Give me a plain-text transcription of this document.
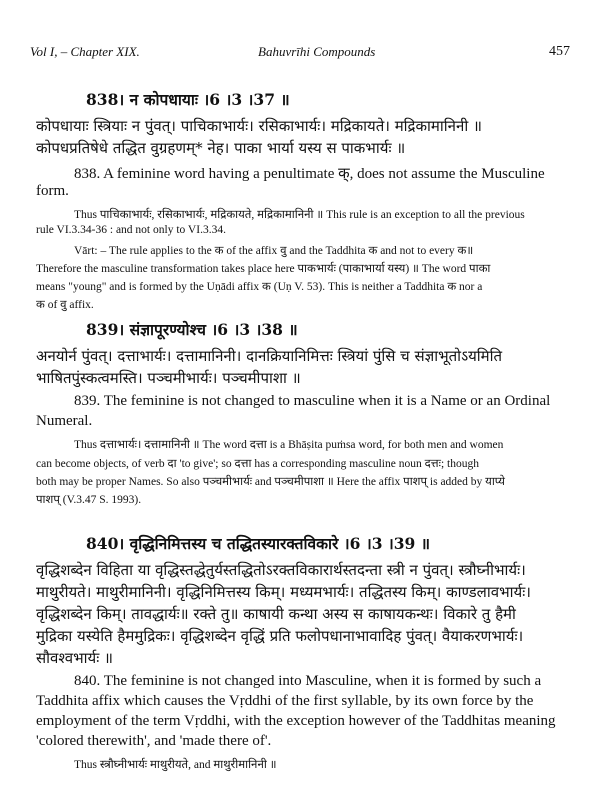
Vol I, – Chapter XIX.	Bahuvrīhi Compounds	457
838। न कोपधायाः ।6 ।3 ।37 ॥
कोपधायाः स्त्रियाः न पुंवत्। पाचिकाभार्यः। रसिकाभार्यः। मद्रिकायते। मद्रिकामानिनी ॥
कोपधप्रतिषेधे तद्धित वुग्रहणम्* नेह। पाका भार्या यस्य स पाकभार्यः ॥
838. A feminine word having a penultimate क्, does not assume the Musculine
form.
Thus पाचिकाभार्यः, रसिकाभार्यः, मद्रिकायते, मद्रिकामानिनी ॥ This rule is an exception to all the previous
rule VI.3.34-36 : and not only to VI.3.34.
Vārt: – The rule applies to the क of the affix वु and the Taddhita क and not to every क॥
Therefore the masculine transformation takes place here पाकभार्यः (पाकाभार्या यस्य) ॥ The word पाका
means "young" and is formed by the Uṇādi affix क (Uṇ V. 53). This is neither a Taddhita क nor a
क of वु affix.
839। संज्ञापूरण्योश्च ।6 ।3 ।38 ॥
अनयोर्न पुंवत्। दत्ताभार्यः। दत्तामानिनी। दानक्रियानिमित्तः स्त्रियां पुंसि च संज्ञाभूतोऽयमिति
भाषितपुंस्कत्वमस्ति। पञ्चमीभार्यः। पञ्चमीपाशा ॥
839. The feminine is not changed to masculine when it is a Name or an Ordinal
Numeral.
Thus दत्ताभार्यः। दत्तामानिनी ॥ The word दत्ता is a Bhāṣita puṁsa word, for both men and women
can become objects, of verb दा 'to give'; so दत्ता has a corresponding masculine noun दत्तः; though
both may be proper Names. So also पञ्चमीभार्यः and पञ्चमीपाशा ॥ Here the affix पाशप् is added by याप्ये
पाशप् (V.3.47 S. 1993).
840। वृद्धिनिमित्तस्य च तद्धितस्यारक्तविकारे ।6 ।3 ।39 ॥
वृद्धिशब्देन विहिता या वृद्धिस्तद्धेतुर्यस्तद्धितोऽरक्तविकारार्थस्तदन्ता स्त्री न पुंवत्। स्त्रौघ्नीभार्यः।
माथुरीयते। माथुरीमानिनी। वृद्धिनिमित्तस्य किम्। मध्यमभार्यः। तद्धितस्य किम्। काण्डलावभार्यः।
वृद्धिशब्देन किम्। तावद्धार्यः॥ रक्ते तु॥ काषायी कन्था अस्य स काषायकन्थः। विकारे तु हैमी
मुद्रिका यस्येति हैममुद्रिकः। वृद्धिशब्देन वृद्धिं प्रति फलोपधानाभावादिह पुंवत्। वैयाकरणभार्यः।
सौवश्वभार्यः ॥
840. The feminine is not changed into Masculine, when it is formed by such a
Taddhita affix which causes the Vṛddhi of the first syllable, by its own force by the
employment of the term Vṛddhi, with the exception however of the Taddhitas meaning
'colored therewith', and 'made there of'.
Thus स्त्रौघ्नीभार्यः माथुरीयते, and माथुरीमानिनी ॥
